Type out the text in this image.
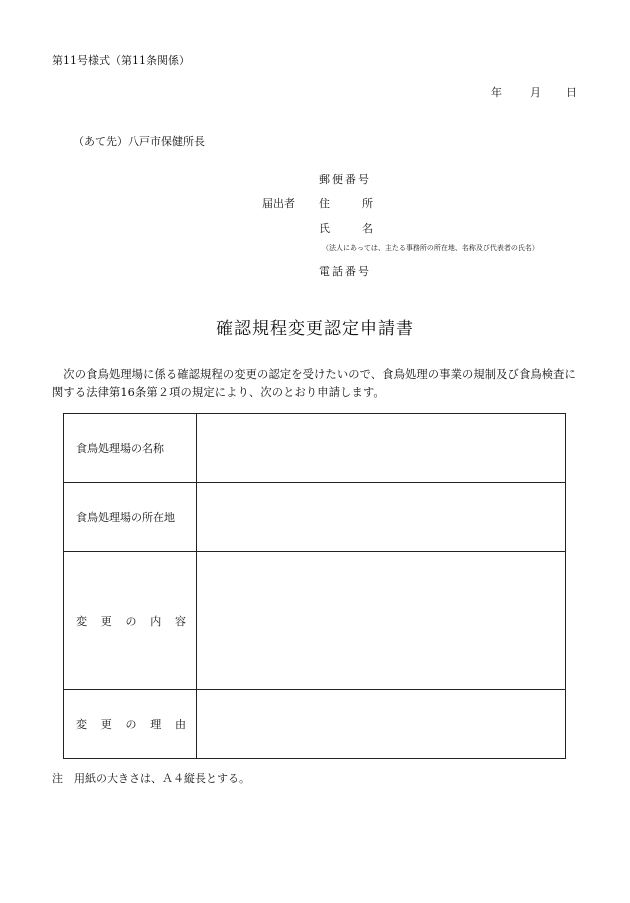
第11号様式（第11条関係）
年	月 日
（あて先）八戸市保健所長
郵便番号
届出者 住	所
氏	名
（法人にあっては、主たる事務所の所在地、名称及び代表者の氏名）
電話番号
確認規程変更認定申請書
次の食鳥処理場に係る確認規程の変更の認定を受けたいので、食鳥処理の事業の規制及び食鳥検査に関する法律第16条第２項の規定により、次のとおり申請します。
食鳥処理場の名称	
食鳥処理場の所在地	

変 更 の 内 容	

変 更 の 理 由	

注　用紙の大きさは、Ａ４縦長とする。
